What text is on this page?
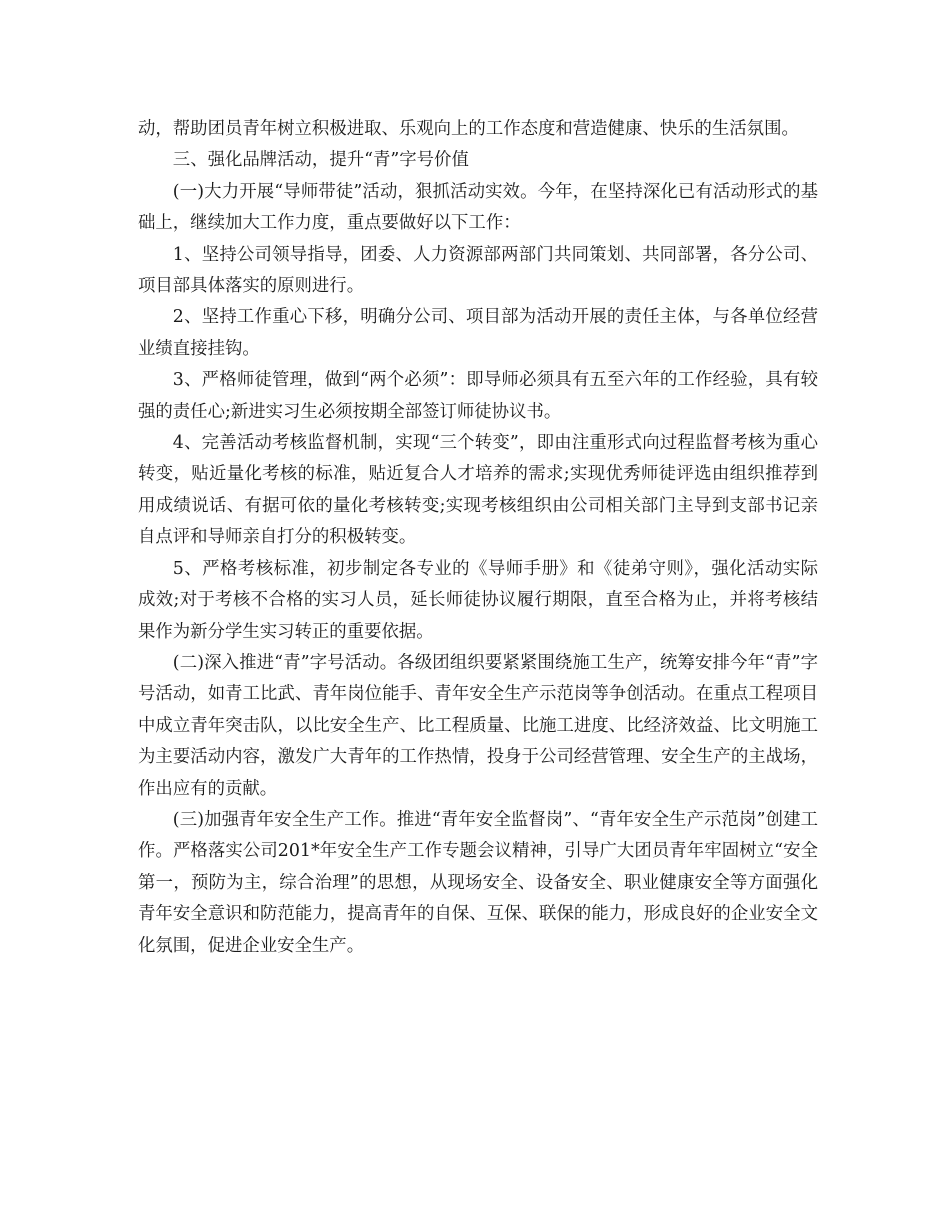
动，帮助团员青年树立积极进取、乐观向上的工作态度和营造健康、快乐的生活氛围。

三、强化品牌活动，提升“青”字号价值

(一)大力开展“导师带徒”活动，狠抓活动实效。今年，在坚持深化已有活动形式的基础上，继续加大工作力度，重点要做好以下工作：

1、坚持公司领导指导，团委、人力资源部两部门共同策划、共同部署，各分公司、项目部具体落实的原则进行。

2、坚持工作重心下移，明确分公司、项目部为活动开展的责任主体，与各单位经营业绩直接挂钩。

3、严格师徒管理，做到“两个必须”：即导师必须具有五至六年的工作经验，具有较强的责任心;新进实习生必须按期全部签订师徒协议书。

4、完善活动考核监督机制，实现“三个转变”，即由注重形式向过程监督考核为重心转变，贴近量化考核的标准，贴近复合人才培养的需求;实现优秀师徒评选由组织推荐到用成绩说话、有据可依的量化考核转变;实现考核组织由公司相关部门主导到支部书记亲自点评和导师亲自打分的积极转变。

5、严格考核标准，初步制定各专业的《导师手册》和《徒弟守则》，强化活动实际成效;对于考核不合格的实习人员，延长师徒协议履行期限，直至合格为止，并将考核结果作为新分学生实习转正的重要依据。

(二)深入推进“青”字号活动。各级团组织要紧紧围绕施工生产，统筹安排今年“青”字号活动，如青工比武、青年岗位能手、青年安全生产示范岗等争创活动。在重点工程项目中成立青年突击队，以比安全生产、比工程质量、比施工进度、比经济效益、比文明施工为主要活动内容，激发广大青年的工作热情，投身于公司经营管理、安全生产的主战场，作出应有的贡献。

(三)加强青年安全生产工作。推进“青年安全监督岗”、“青年安全生产示范岗”创建工作。严格落实公司201*年安全生产工作专题会议精神，引导广大团员青年牢固树立“安全第一，预防为主，综合治理”的思想，从现场安全、设备安全、职业健康安全等方面强化青年安全意识和防范能力，提高青年的自保、互保、联保的能力，形成良好的企业安全文化氛围，促进企业安全生产。
